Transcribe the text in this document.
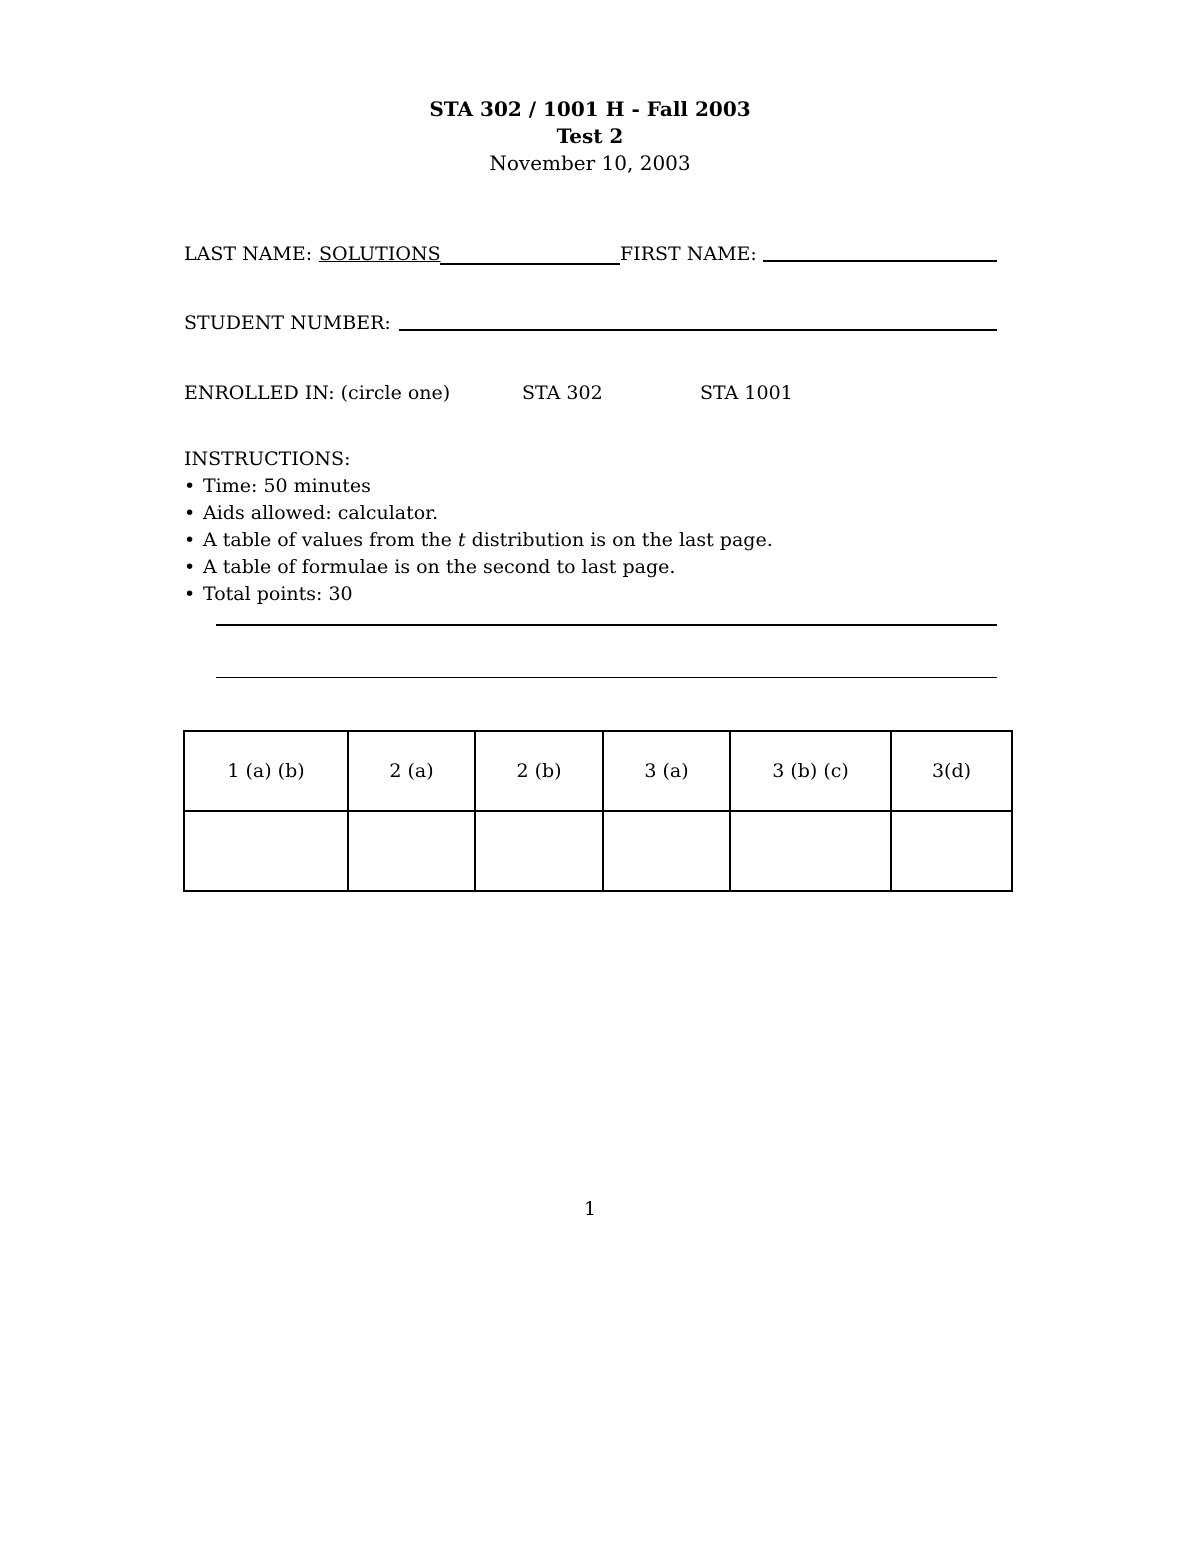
STA 302 / 1001 H - Fall 2003
Test 2
November 10, 2003
LAST NAME: SOLUTIONS	FIRST NAME:
STUDENT NUMBER:
ENROLLED IN: (circle one)	STA 302	STA 1001
INSTRUCTIONS:
• Time: 50 minutes
• Aids allowed: calculator.
• A table of values from the t distribution is on the last page.
• A table of formulae is on the second to last page.
• Total points: 30
1 (a) (b)	2 (a)	2 (b)	3 (a)	3 (b) (c)	3(d)

1
